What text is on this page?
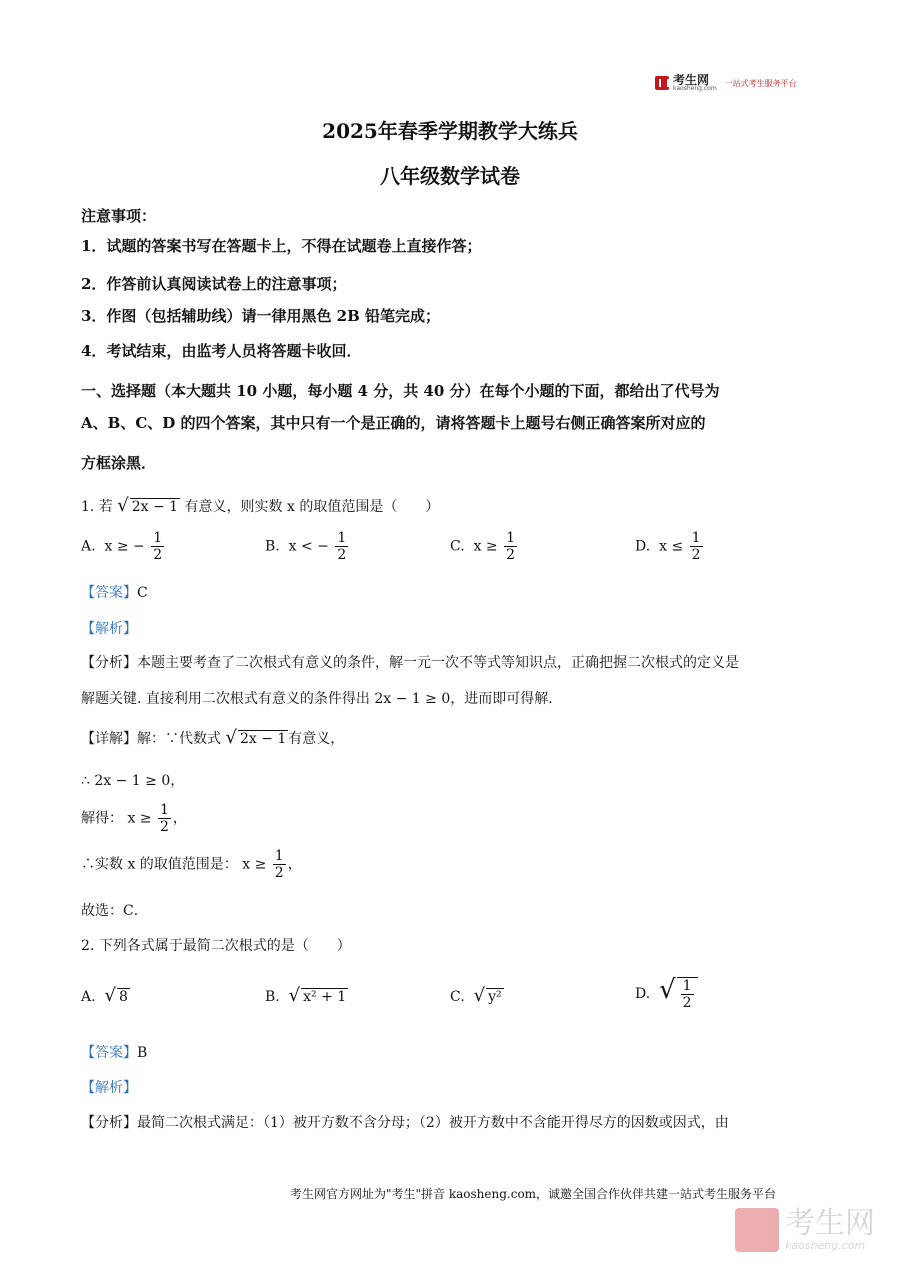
考生网
kaosheng.com
一站式考生服务平台
2025年春季学期教学大练兵
八年级数学试卷
注意事项：
1．试题的答案书写在答题卡上，不得在试题卷上直接作答；
2．作答前认真阅读试卷上的注意事项；
3．作图（包括辅助线）请一律用黑色 2B 铅笔完成；
4．考试结束，由监考人员将答题卡收回．
一、选择题（本大题共 10 小题，每小题 4 分，共 40 分）在每个小题的下面，都给出了代号为
A、B、C、D 的四个答案，其中只有一个是正确的，请将答题卡上题号右侧正确答案所对应的
方框涂黑．
1. 若 √ 2x − 1 有意义，则实数 x 的取值范围是（　　）
A. x ≥ − $\frac{1}{2}$	B. x < − $\frac{1}{2}$	C. $x \ge \frac{1}{2}$	D. $x \le \frac{1}{2}$
【答案】C
【解析】
【分析】本题主要考查了二次根式有意义的条件，解一元一次不等式等知识点，正确把握二次根式的定义是
解题关键. 直接利用二次根式有意义的条件得出 2x − 1 ≥ 0，进而即可得解.
【详解】解：∵代数式 √ 2x − 1 有意义，
∴ 2x − 1 ≥ 0，
解得： $x \ge \frac{1}{2}$ ，
∴实数 x 的取值范围是： $x \ge \frac{1}{2}$ ，
故选：C．
2. 下列各式属于最简二次根式的是（　　）
A. √ 8	B. √ x² + 1	C. √ y²	D. √ $\frac{1}{2}$
【答案】B
【解析】
【分析】最简二次根式满足：（1）被开方数不含分母；（2）被开方数中不含能开得尽方的因数或因式，由
考生网官方网址为"考生"拼音 kaosheng.com，诚邀全国合作伙伴共建一站式考生服务平台
考生网
kaosheng.com
